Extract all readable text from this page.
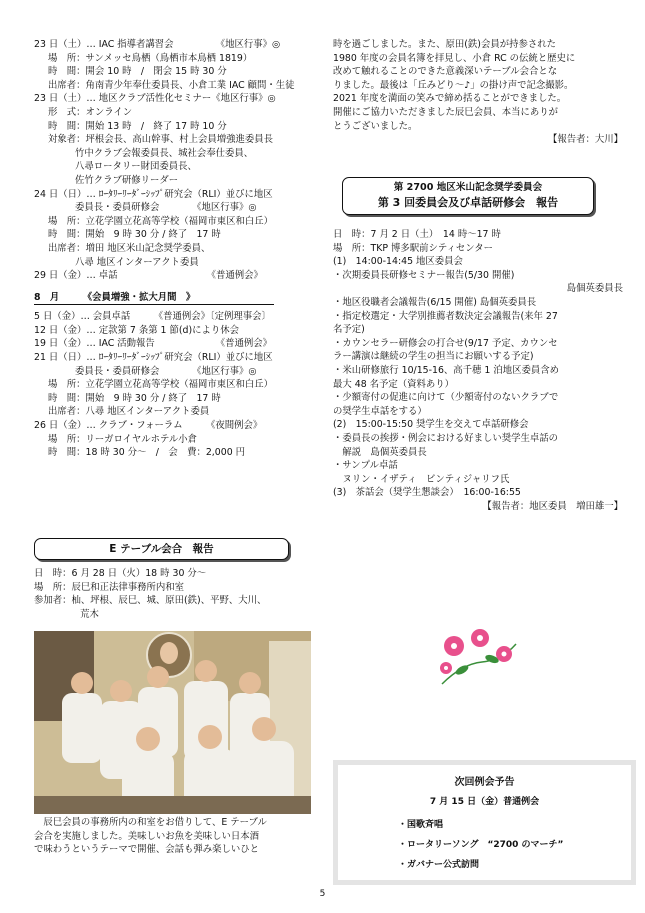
23 日（土）… IAC 指導者講習会　　　　　《地区行事》◎
場　所：サンメッセ鳥栖（鳥栖市本鳥栖 1819）
時　間：開会 10 時　/　閉会 15 時 30 分
出席者：角南青少年奉仕委員長、小倉工業 IAC 顧問・生徒
23 日（土）… 地区クラブ活性化セミナー《地区行事》◎
形　式：オンライン
時　間：開始 13 時　/　終了 17 時 10 分
対象者：坪根会長、高山幹事、村上会員増強進委員長
竹中クラブ会報委員長、城社会奉仕委員、
八尋ロータリー財団委員長、
佐竹クラブ研修リーダー
24 日（日）… ﾛｰﾀﾘｰﾘｰﾀﾞｰｼｯﾌﾟ研究会（RLI）並びに地区
委員長・委員研修会　　　　《地区行事》◎
場　所：立花学園立花高等学校（福岡市東区和白丘）
時　間：開始　9 時 30 分 / 終了　17 時
出席者：増田 地区米山記念奨学委員、
八尋 地区インターアクト委員
29 日（金）… 卓話　　　　　　　　　　《普通例会》
8　月　　　《会員増強・拡大月間　》
5 日（金）… 会員卓話　　　《普通例会》〔定例理事会〕
12 日（金）… 定款第 7 条第 1 節(d)により休会
19 日（金）… IAC 活動報告　　　　　　　《普通例会》
21 日（日）… ﾛｰﾀﾘｰﾘｰﾀﾞｰｼｯﾌﾟ研究会（RLI）並びに地区
委員長・委員研修会　　　　《地区行事》◎
場　所：立花学園立花高等学校（福岡市東区和白丘）
時　間：開始　9 時 30 分 / 終了　17 時
出席者：八尋 地区インターアクト委員
26 日（金）… クラブ・フォーラム　　　《夜間例会》
場　所：リーガロイヤルホテル小倉
時　間：18 時 30 分～　/　会　費：2,000 円
E テーブル会合　報告
日　時：6 月 28 日（火）18 時 30 分～
場　所：辰巳和正法律事務所内和室
参加者：杣、坪根、辰巳、城、原田(鉄)、平野、大川、
　　　荒木
　辰巳会員の事務所内の和室をお借りして、E テーブル
会合を実施しました。美味しいお魚を美味しい日本酒
で味わうというテーマで開催、会話も弾み楽しいひと
時を過ごしました。また、原田(鉄)会員が持参された
1980 年度の会員名簿を拝見し、小倉 RC の伝統と歴史に
改めて触れることのできた意義深いテーブル会合とな
りました。最後は「丘みどり～♪」の掛け声で記念撮影。
2021 年度を満面の笑みで締め括ることができました。
開催にご協力いただきました辰巳会員、本当にありが
とうございました。
【報告者：大川】
第 2700 地区米山記念奨学委員会
第 3 回委員会及び卓話研修会　報告
日　時：7 月 2 日（土）　14 時～17 時
場　所：TKP 博多駅前シティセンター
(1)　14:00-14:45 地区委員会
・次期委員長研修セミナー報告(5/30 開催)
島個英委員長　　
・地区役職者会議報告(6/15 開催) 島個英委員長
・指定校選定・大学別推薦者数決定会議報告(来年 27
名予定)
・カウンセラー研修会の打合せ(9/17 予定、カウンセ
ラー講演は継続の学生の担当にお願いする予定)
・米山研修旅行 10/15-16、高千穂 1 泊地区委員含め
最大 48 名予定（資料あり）
・少額寄付の促進に向けて（少額寄付のないクラブで
の奨学生卓話をする）
(2)　15:00-15:50 奨学生を交えて卓話研修会
・委員長の挨拶・例会における好ましい奨学生卓話の
　解説　島個英委員長
・サンプル卓話
　ヌリン・イザティ　ビンティジャリフ氏
(3)　茶話会（奨学生懇談会）　16:00-16:55
【報告者：地区委員　増田雄一】
次回例会予告
7 月 15 日（金）普通例会
・国歌斉唱
・ロータリーソング　“2700 のマーチ”
・ガバナー公式訪問
5
